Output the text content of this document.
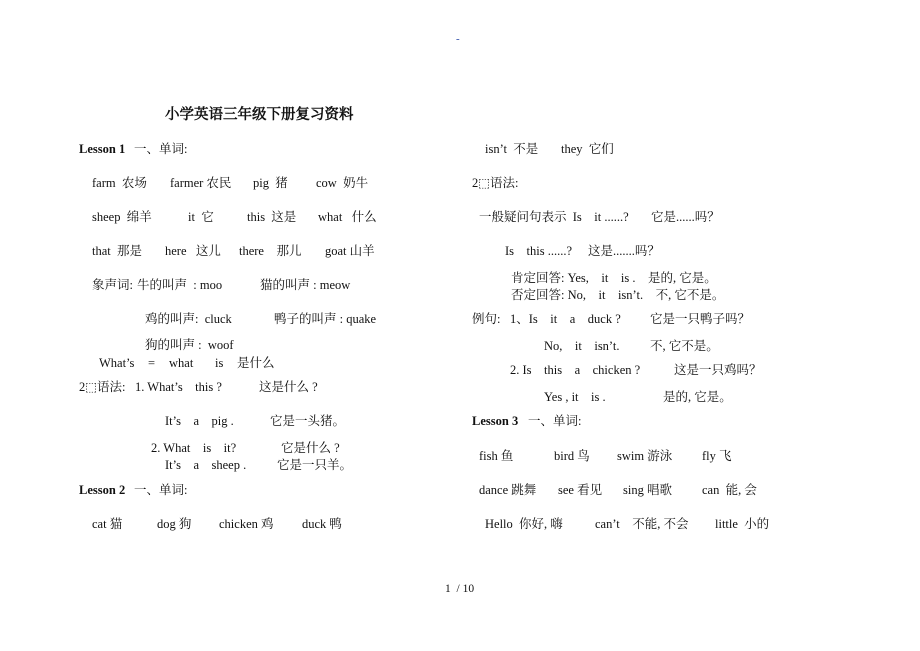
-
小学英语三年级下册复习资料
Lesson 1 一、单词:
farm  农场 farmer 农民 pig  猪 cow  奶牛
sheep  绵羊	it  它	this  这是 what   什么
that  那是 here   这儿 there    那儿 goat 山羊
象声词: 牛的叫声  : moo	猫的叫声 : meow
鸡的叫声:  cluck	鸭子的叫声 : quake
狗的叫声 :  woof
What’s = what is 是什么
2⬚语法: 1. What’s    this ?	这是什么 ?
It’s    a    pig .	它是一头猪。
2. What    is    it?	它是什么 ?
It’s    a    sheep . 它是一只羊。
Lesson 2 一、单词:
cat 猫	dog 狗 chicken 鸡 duck 鸭
isn’t  不是 they  它们
2⬚语法:
一般疑问句表示  Is    it ......? 它是......吗？
Is    this ......? 这是.......吗？
肯定回答: Yes,    it    is .    是的, 它是。
否定回答: No,    it    isn’t.    不, 它不是。
例句: 1、Is    it    a    duck ? 它是一只鸭子吗？
No,    it    isn’t. 不, 它不是。
2. Is    this    a    chicken ?	这是一只鸡吗？
Yes , it    is .	是的, 它是。
Lesson 3 一、单词:
fish 鱼	bird 鸟 swim 游泳 fly 飞
dance 跳舞 see 看见 sing 唱歌 can  能, 会
Hello  你好, 嗨	can’t    不能, 不会 little  小的
1  / 10
